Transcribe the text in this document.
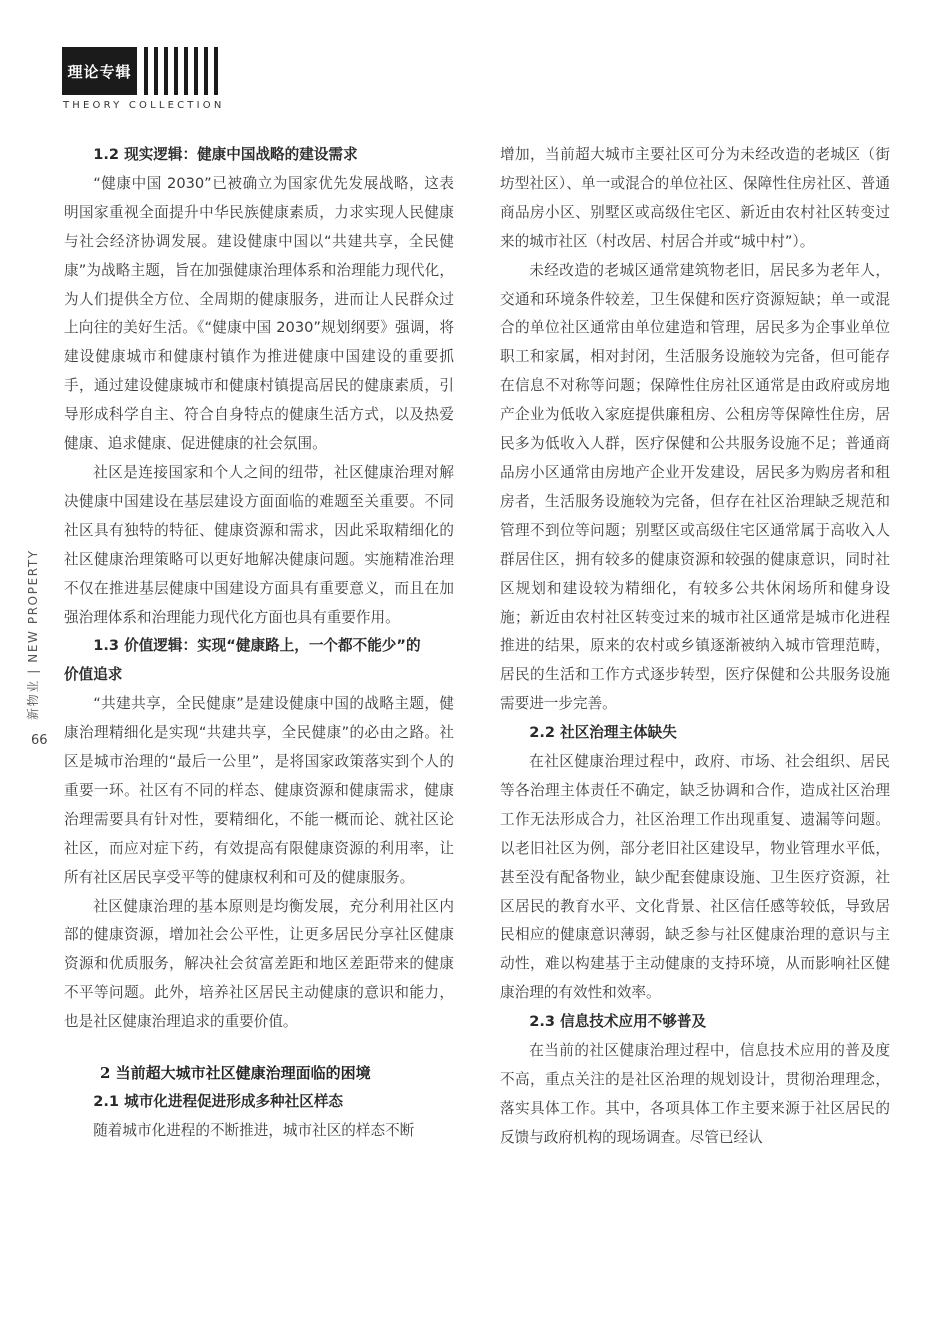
理论专辑
THEORY COLLECTION
新物业 | NEW PROPERTY
66
1.2 现实逻辑：健康中国战略的建设需求

“健康中国 2030”已被确立为国家优先发展战略，这表明国家重视全面提升中华民族健康素质，力求实现人民健康与社会经济协调发展。建设健康中国以“共建共享，全民健康”为战略主题，旨在加强健康治理体系和治理能力现代化，为人们提供全方位、全周期的健康服务，进而让人民群众过上向往的美好生活。《“健康中国 2030”规划纲要》强调，将建设健康城市和健康村镇作为推进健康中国建设的重要抓手，通过建设健康城市和健康村镇提高居民的健康素质，引导形成科学自主、符合自身特点的健康生活方式，以及热爱健康、追求健康、促进健康的社会氛围。

社区是连接国家和个人之间的纽带，社区健康治理对解决健康中国建设在基层建设方面面临的难题至关重要。不同社区具有独特的特征、健康资源和需求，因此采取精细化的社区健康治理策略可以更好地解决健康问题。实施精准治理不仅在推进基层健康中国建设方面具有重要意义，而且在加强治理体系和治理能力现代化方面也具有重要作用。

1.3 价值逻辑：实现“健康路上，一个都不能少”的
价值追求

“共建共享，全民健康”是建设健康中国的战略主题，健康治理精细化是实现“共建共享，全民健康”的必由之路。社区是城市治理的“最后一公里”，是将国家政策落实到个人的重要一环。社区有不同的样态、健康资源和健康需求，健康治理需要具有针对性，要精细化，不能一概而论、就社区论社区，而应对症下药，有效提高有限健康资源的利用率，让所有社区居民享受平等的健康权利和可及的健康服务。

社区健康治理的基本原则是均衡发展，充分利用社区内部的健康资源，增加社会公平性，让更多居民分享社区健康资源和优质服务，解决社会贫富差距和地区差距带来的健康不平等问题。此外，培养社区居民主动健康的意识和能力，也是社区健康治理追求的重要价值。

2 当前超大城市社区健康治理面临的困境
2.1 城市化进程促进形成多种社区样态

随着城市化进程的不断推进，城市社区的样态不断

增加，当前超大城市主要社区可分为未经改造的老城区（街坊型社区）、单一或混合的单位社区、保障性住房社区、普通商品房小区、别墅区或高级住宅区、新近由农村社区转变过来的城市社区（村改居、村居合并或“城中村”）。

未经改造的老城区通常建筑物老旧，居民多为老年人，交通和环境条件较差，卫生保健和医疗资源短缺；单一或混合的单位社区通常由单位建造和管理，居民多为企事业单位职工和家属，相对封闭，生活服务设施较为完备，但可能存在信息不对称等问题；保障性住房社区通常是由政府或房地产企业为低收入家庭提供廉租房、公租房等保障性住房，居民多为低收入人群，医疗保健和公共服务设施不足；普通商品房小区通常由房地产企业开发建设，居民多为购房者和租房者，生活服务设施较为完备，但存在社区治理缺乏规范和管理不到位等问题；别墅区或高级住宅区通常属于高收入人群居住区，拥有较多的健康资源和较强的健康意识，同时社区规划和建设较为精细化，有较多公共休闲场所和健身设施；新近由农村社区转变过来的城市社区通常是城市化进程推进的结果，原来的农村或乡镇逐渐被纳入城市管理范畴，居民的生活和工作方式逐步转型，医疗保健和公共服务设施需要进一步完善。

2.2 社区治理主体缺失

在社区健康治理过程中，政府、市场、社会组织、居民等各治理主体责任不确定，缺乏协调和合作，造成社区治理工作无法形成合力，社区治理工作出现重复、遗漏等问题。以老旧社区为例，部分老旧社区建设早，物业管理水平低，甚至没有配备物业，缺少配套健康设施、卫生医疗资源，社区居民的教育水平、文化背景、社区信任感等较低，导致居民相应的健康意识薄弱，缺乏参与社区健康治理的意识与主动性，难以构建基于主动健康的支持环境，从而影响社区健康治理的有效性和效率。

2.3 信息技术应用不够普及

在当前的社区健康治理过程中，信息技术应用的普及度不高，重点关注的是社区治理的规划设计，贯彻治理理念，落实具体工作。其中，各项具体工作主要来源于社区居民的反馈与政府机构的现场调查。尽管已经认
